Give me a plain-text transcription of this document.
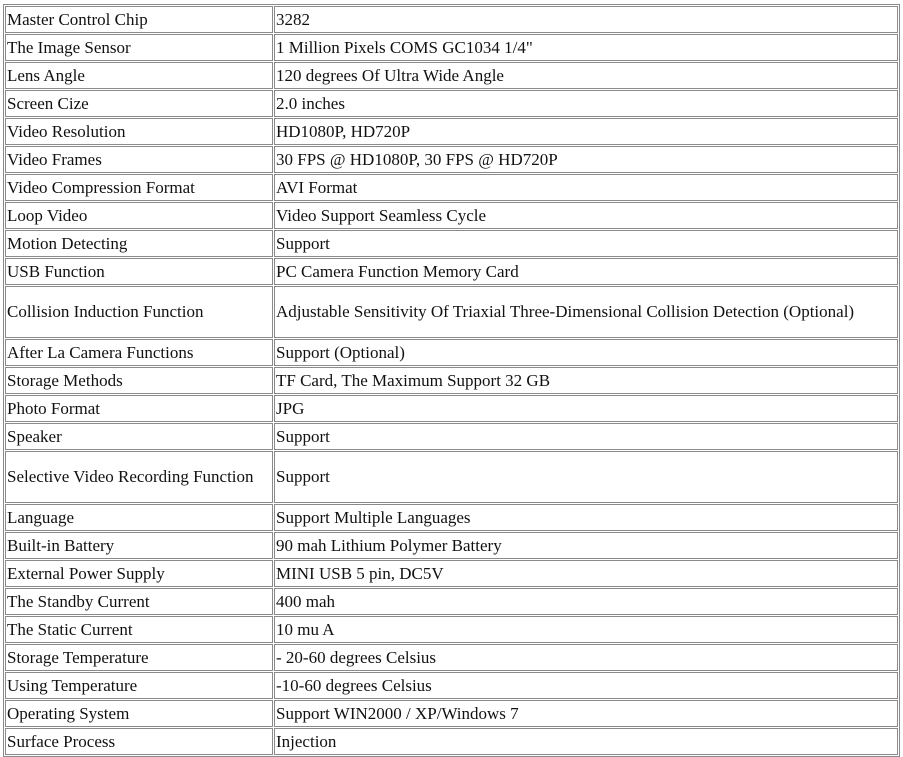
Master Control Chip	3282
The Image Sensor	1 Million Pixels COMS GC1034 1/4"
Lens Angle	120 degrees Of Ultra Wide Angle
Screen Cize	2.0 inches
Video Resolution	HD1080P, HD720P
Video Frames	30 FPS @ HD1080P, 30 FPS @ HD720P
Video Compression Format	AVI Format
Loop Video	Video Support Seamless Cycle
Motion Detecting	Support
USB Function	PC Camera Function Memory Card
Collision Induction Function	Adjustable Sensitivity Of Triaxial Three-Dimensional Collision Detection (Optional)
After La Camera Functions	Support (Optional)
Storage Methods	TF Card, The Maximum Support 32 GB
Photo Format	JPG
Speaker	Support
Selective Video Recording Function	Support
Language	Support Multiple Languages
Built-in Battery	90 mah Lithium Polymer Battery
External Power Supply	MINI USB 5 pin, DC5V
The Standby Current	400 mah
The Static Current	10 mu A
Storage Temperature	- 20-60 degrees Celsius
Using Temperature	-10-60 degrees Celsius
Operating System	Support WIN2000 / XP/Windows 7
Surface Process	Injection
